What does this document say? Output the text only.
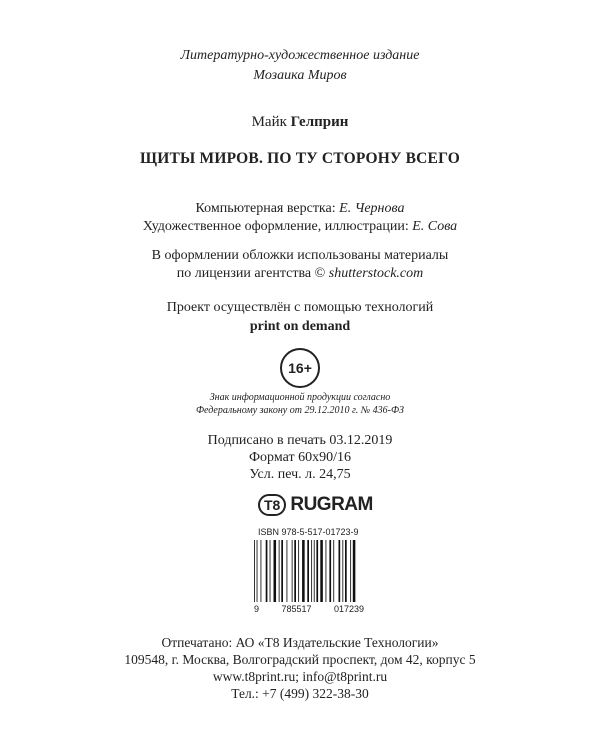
Литературно-художественное издание
Мозаика Миров
Майк Гелприн
ЩИТЫ МИРОВ. ПО ТУ СТОРОНУ ВСЕГО
Компьютерная верстка: Е. Чернова
Художественное оформление, иллюстрации: Е. Сова
В оформлении обложки использованы материалы
по лицензии агентства © shutterstock.com
Проект осуществлён с помощью технологий
print on demand
16+
Знак информационной продукции согласно
Федеральному закону от 29.12.2010 г. № 436-ФЗ
Подписано в печать 03.12.2019
Формат 60x90/16
Усл. печ. л. 24,75
T8 RUGRAM
ISBN 978-5-517-01723-9
9 785517 017239
Отпечатано: АО «Т8 Издательские Технологии»
109548, г. Москва, Волгоградский проспект, дом 42, корпус 5
www.t8print.ru; info@t8print.ru
Тел.: +7 (499) 322-38-30
